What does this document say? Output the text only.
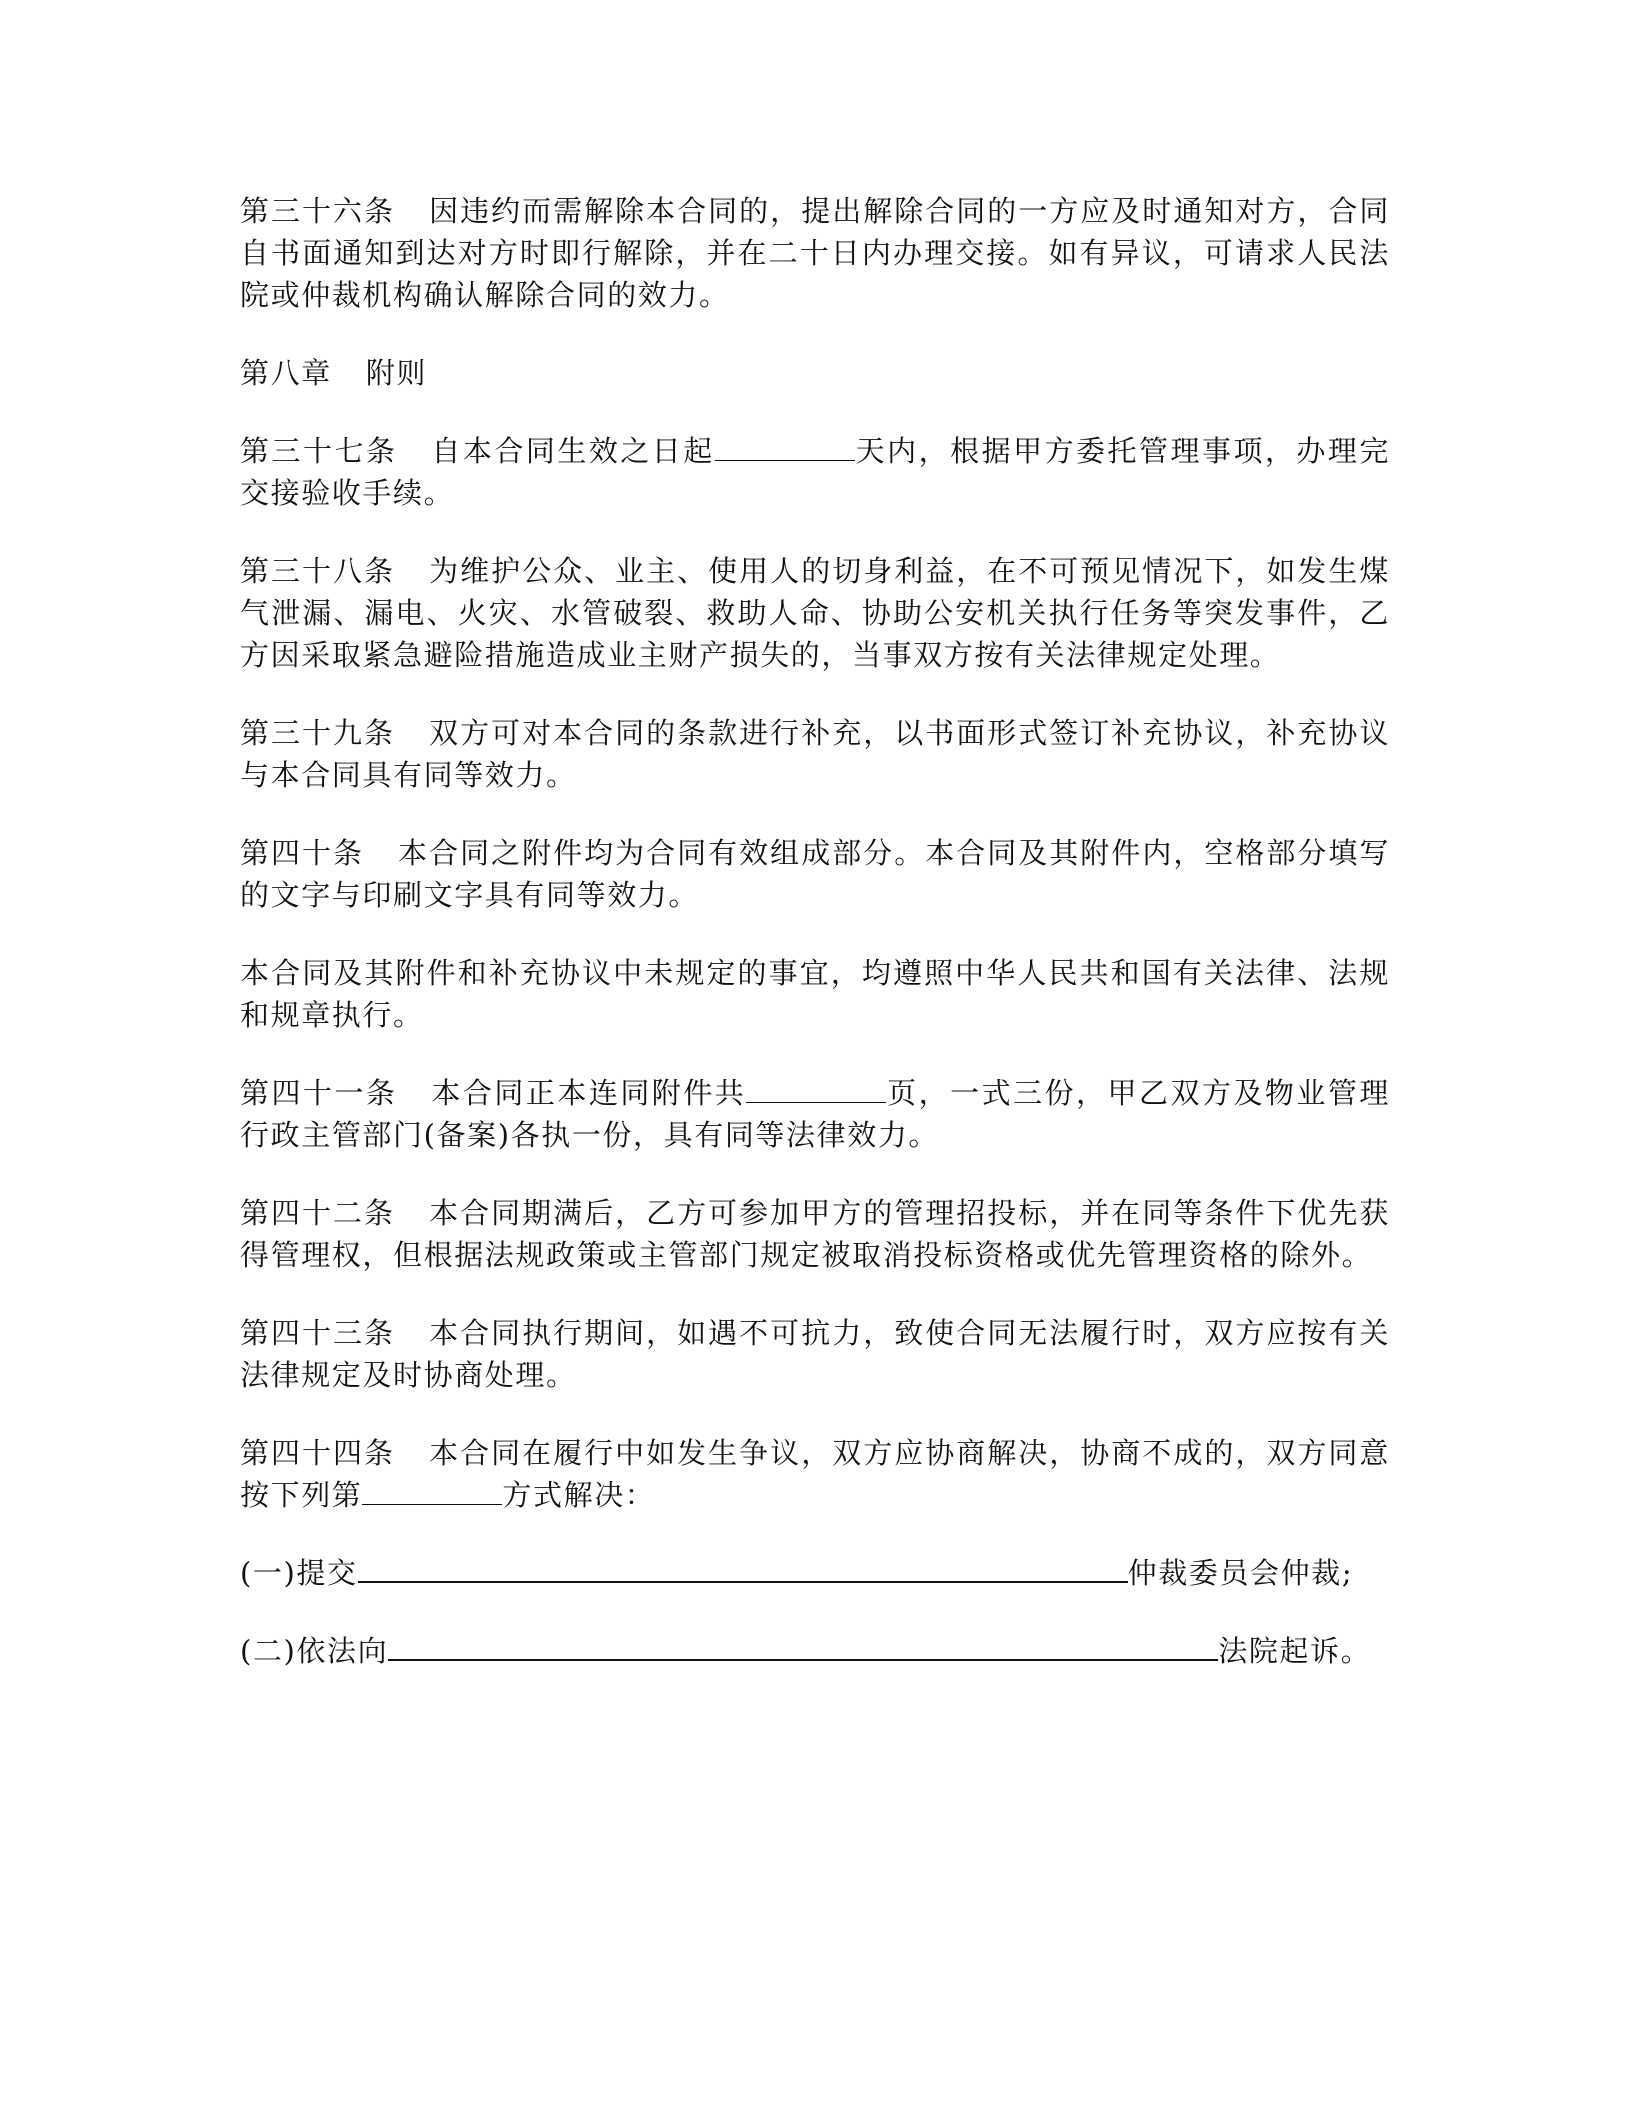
第三十六条 因违约而需解除本合同的，提出解除合同的一方应及时通知对方，合同自书面通知到达对方时即行解除，并在二十日内办理交接。如有异议，可请求人民法院或仲裁机构确认解除合同的效力。

第八章 附则

第三十七条 自本合同生效之日起	天内，根据甲方委托管理事项，办理完交接验收手续。

第三十八条 为维护公众、业主、使用人的切身利益，在不可预见情况下，如发生煤气泄漏、漏电、火灾、水管破裂、救助人命、协助公安机关执行任务等突发事件，乙方因采取紧急避险措施造成业主财产损失的，当事双方按有关法律规定处理。

第三十九条 双方可对本合同的条款进行补充，以书面形式签订补充协议，补充协议与本合同具有同等效力。

第四十条 本合同之附件均为合同有效组成部分。本合同及其附件内，空格部分填写的文字与印刷文字具有同等效力。

本合同及其附件和补充协议中未规定的事宜，均遵照中华人民共和国有关法律、法规和规章执行。

第四十一条 本合同正本连同附件共	页，一式三份，甲乙双方及物业管理行政主管部门(备案)各执一份，具有同等法律效力。

第四十二条 本合同期满后，乙方可参加甲方的管理招投标，并在同等条件下优先获得管理权，但根据法规政策或主管部门规定被取消投标资格或优先管理资格的除外。

第四十三条 本合同执行期间，如遇不可抗力，致使合同无法履行时，双方应按有关法律规定及时协商处理。

第四十四条 本合同在履行中如发生争议，双方应协商解决，协商不成的，双方同意按下列第	方式解决：

(一)提交	仲裁委员会仲裁;

(二)依法向	法院起诉。
